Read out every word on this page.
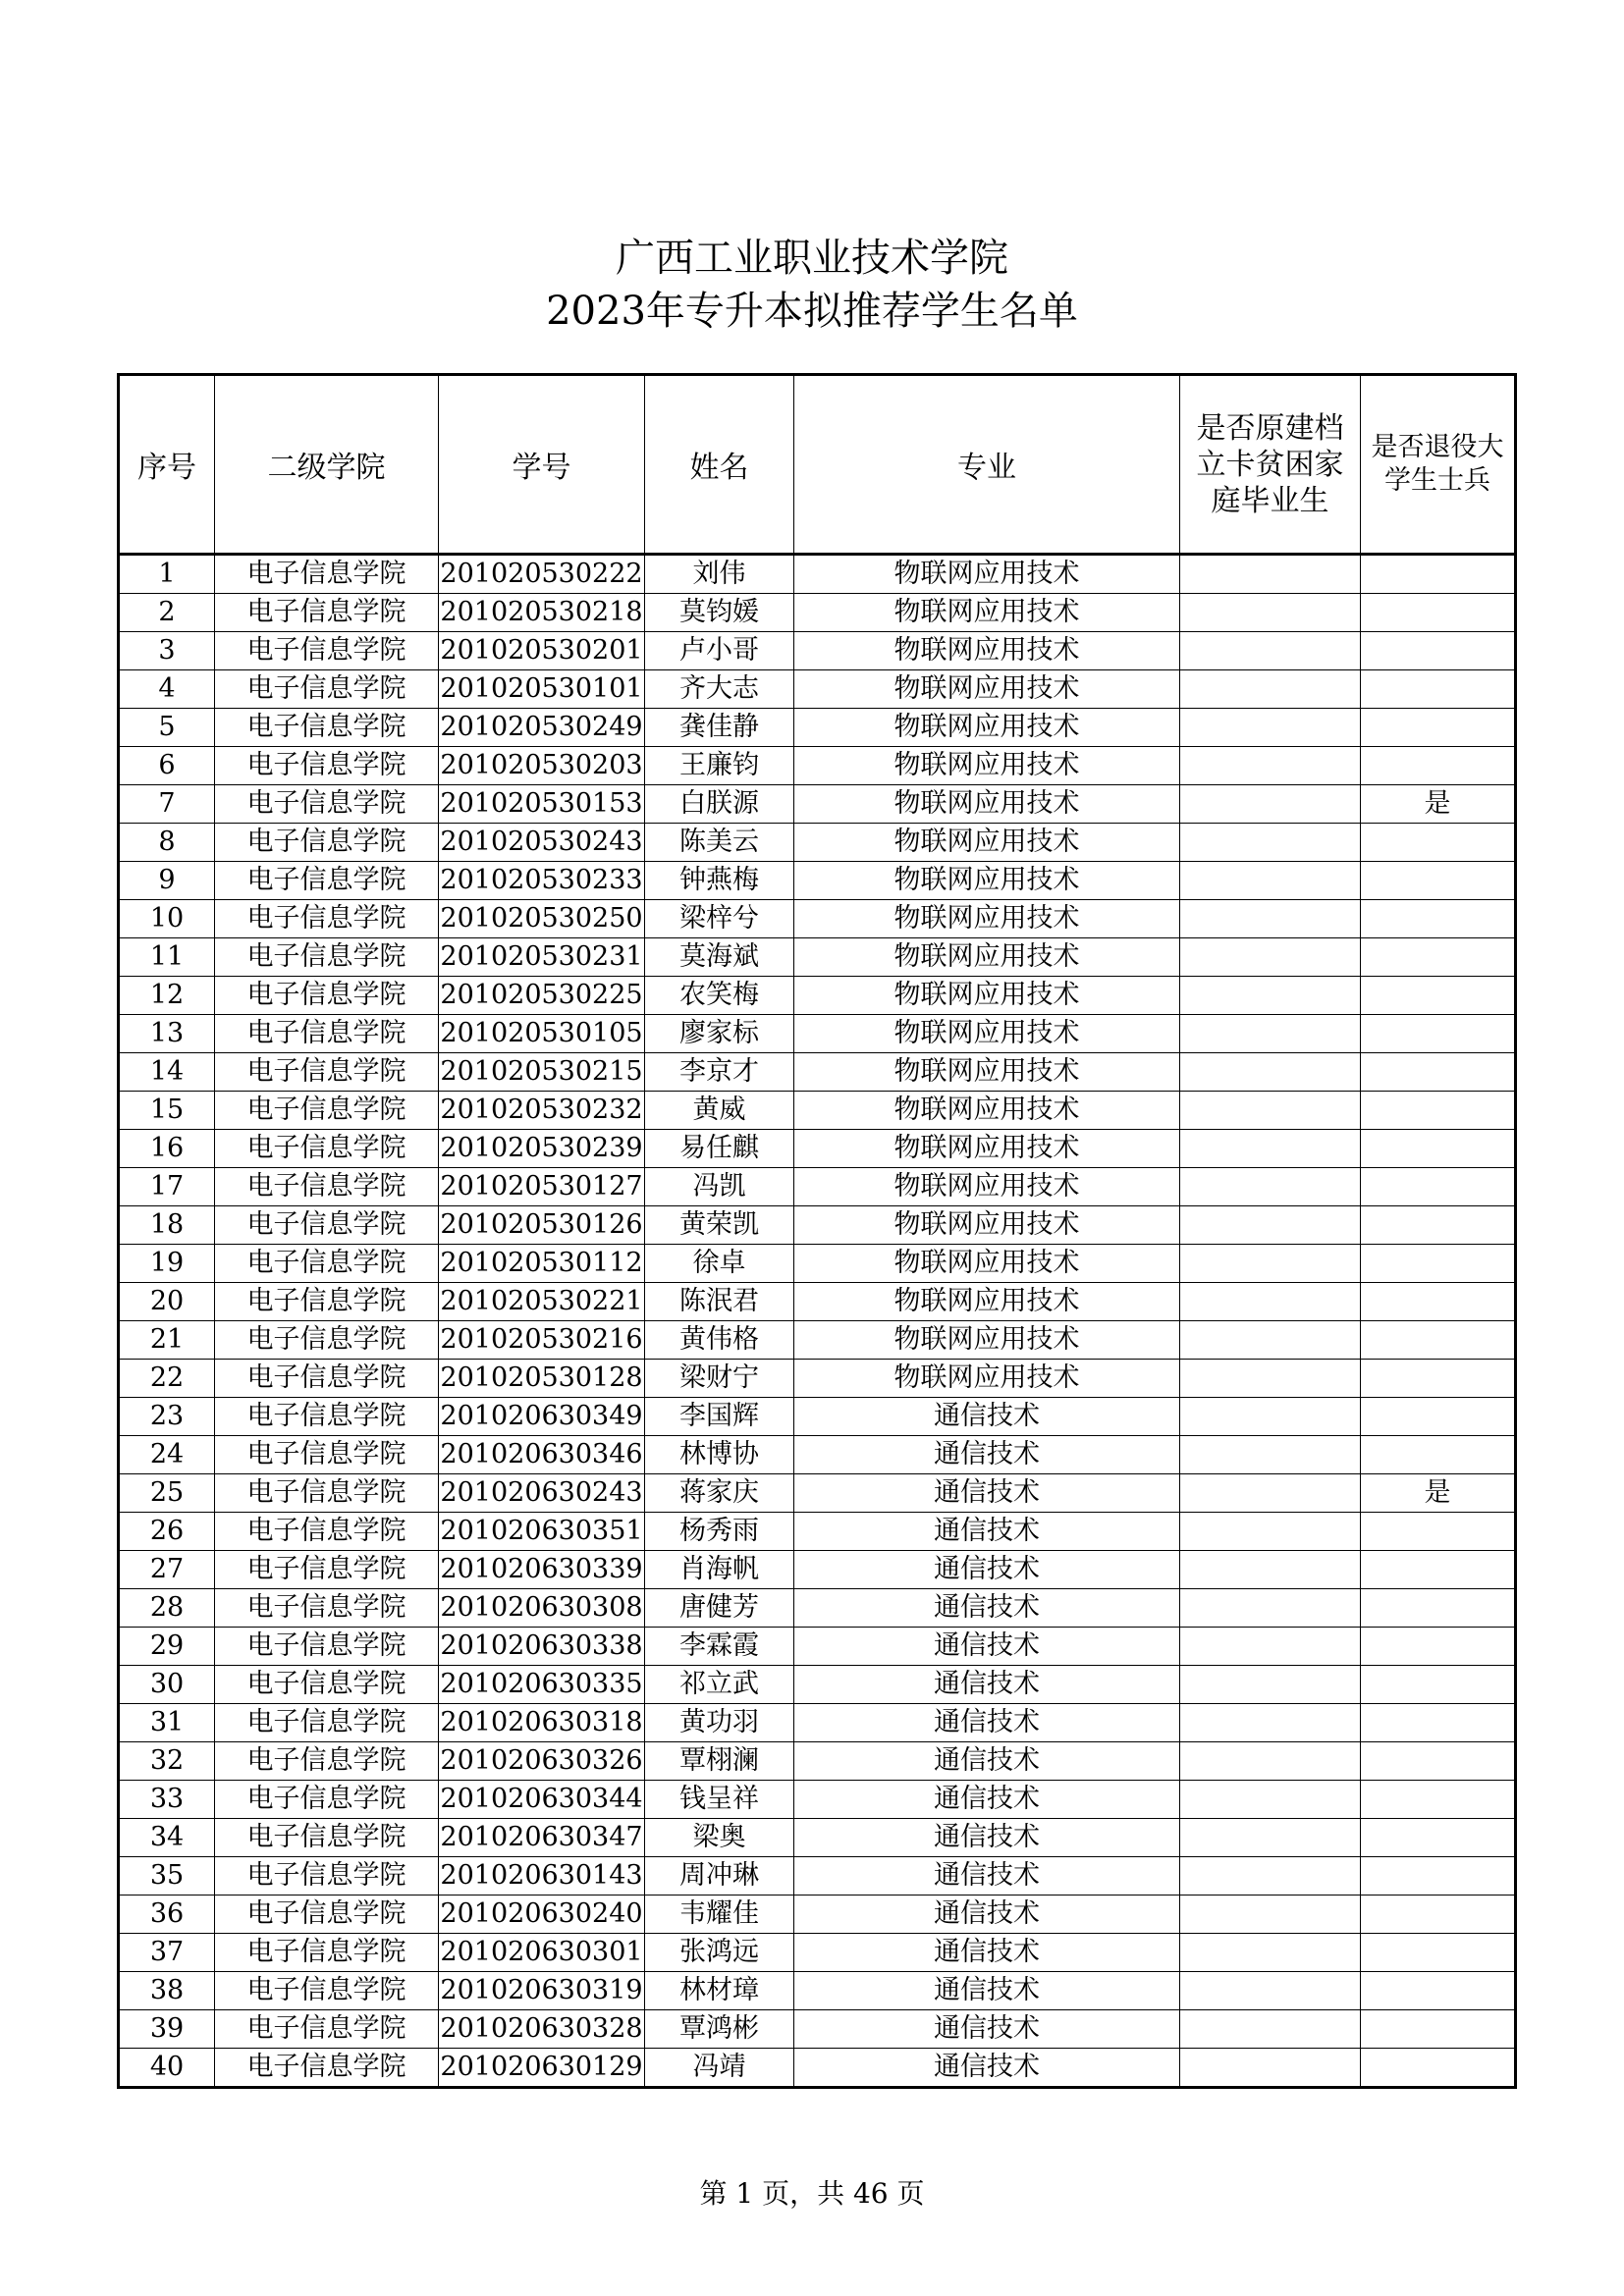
广西工业职业技术学院
2023年专升本拟推荐学生名单
序号	二级学院	学号	姓名	专业	是否原建档立卡贫困家庭毕业生	是否退役大学生士兵
1	电子信息学院	201020530222	刘伟	物联网应用技术		
2	电子信息学院	201020530218	莫钧媛	物联网应用技术		
3	电子信息学院	201020530201	卢小哥	物联网应用技术		
4	电子信息学院	201020530101	齐大志	物联网应用技术		
5	电子信息学院	201020530249	龚佳静	物联网应用技术		
6	电子信息学院	201020530203	王廉钧	物联网应用技术		
7	电子信息学院	201020530153	白朕源	物联网应用技术		是
8	电子信息学院	201020530243	陈美云	物联网应用技术		
9	电子信息学院	201020530233	钟燕梅	物联网应用技术		
10	电子信息学院	201020530250	梁梓兮	物联网应用技术		
11	电子信息学院	201020530231	莫海斌	物联网应用技术		
12	电子信息学院	201020530225	农笑梅	物联网应用技术		
13	电子信息学院	201020530105	廖家标	物联网应用技术		
14	电子信息学院	201020530215	李京才	物联网应用技术		
15	电子信息学院	201020530232	黄威	物联网应用技术		
16	电子信息学院	201020530239	易任麒	物联网应用技术		
17	电子信息学院	201020530127	冯凯	物联网应用技术		
18	电子信息学院	201020530126	黄荣凯	物联网应用技术		
19	电子信息学院	201020530112	徐卓	物联网应用技术		
20	电子信息学院	201020530221	陈泯君	物联网应用技术		
21	电子信息学院	201020530216	黄伟格	物联网应用技术		
22	电子信息学院	201020530128	梁财宁	物联网应用技术		
23	电子信息学院	201020630349	李国辉	通信技术		
24	电子信息学院	201020630346	林博协	通信技术		
25	电子信息学院	201020630243	蒋家庆	通信技术		是
26	电子信息学院	201020630351	杨秀雨	通信技术		
27	电子信息学院	201020630339	肖海帆	通信技术		
28	电子信息学院	201020630308	唐健芳	通信技术		
29	电子信息学院	201020630338	李霖霞	通信技术		
30	电子信息学院	201020630335	祁立武	通信技术		
31	电子信息学院	201020630318	黄功羽	通信技术		
32	电子信息学院	201020630326	覃栩澜	通信技术		
33	电子信息学院	201020630344	钱呈祥	通信技术		
34	电子信息学院	201020630347	梁奥	通信技术		
35	电子信息学院	201020630143	周冲琳	通信技术		
36	电子信息学院	201020630240	韦耀佳	通信技术		
37	电子信息学院	201020630301	张鸿远	通信技术		
38	电子信息学院	201020630319	林材璋	通信技术		
39	电子信息学院	201020630328	覃鸿彬	通信技术		
40	电子信息学院	201020630129	冯靖	通信技术		
第 1 页，共 46 页
